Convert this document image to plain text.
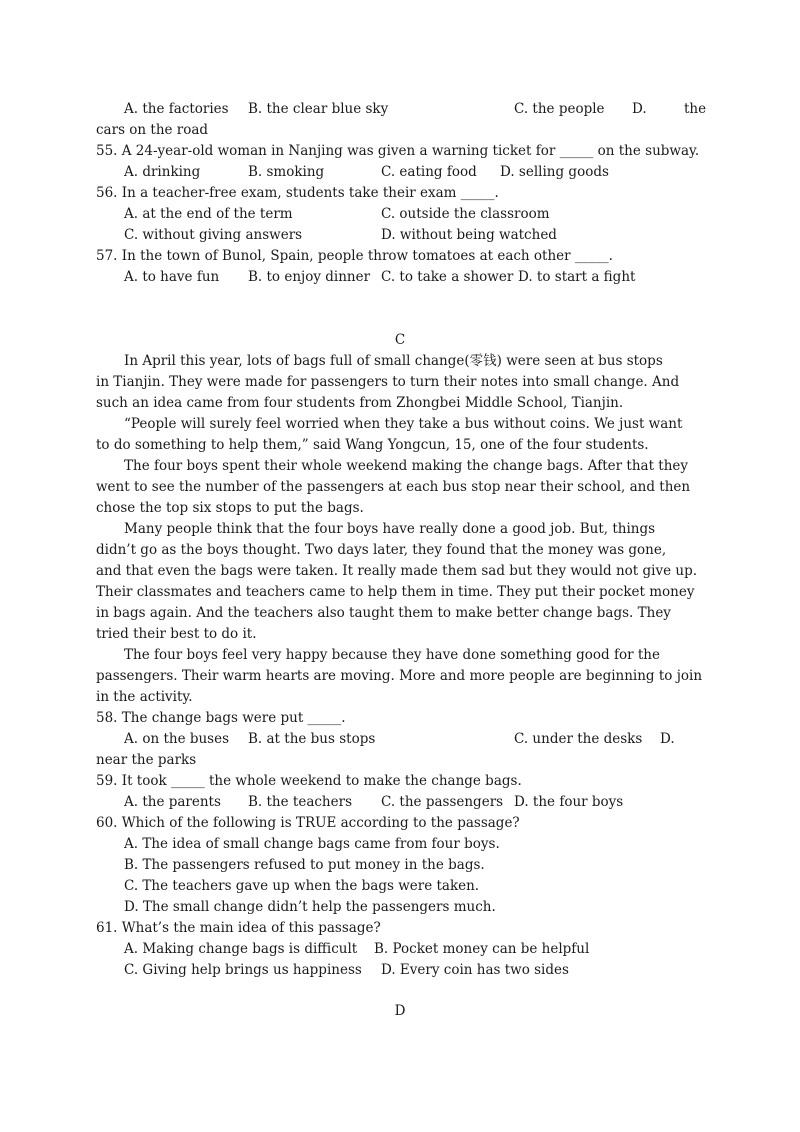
A. the factories B. the clear blue sky	C. the people D.	the
cars on the road
55. A 24-year-old woman in Nanjing was given a warning ticket for _____ on the subway.
A. drinking	B. smoking	C. eating food D. selling goods
56. In a teacher-free exam, students take their exam _____.
A. at the end of the term	C. outside the classroom
C. without giving answers	D. without being watched
57. In the town of Bunol, Spain, people throw tomatoes at each other _____.
A. to have fun B. to enjoy dinner C. to take a shower D. to start a fight
C
In April this year, lots of bags full of small change(零钱) were seen at bus stops
in Tianjin. They were made for passengers to turn their notes into small change. And
such an idea came from four students from Zhongbei Middle School, Tianjin.
“People will surely feel worried when they take a bus without coins. We just want
to do something to help them,” said Wang Yongcun, 15, one of the four students.
The four boys spent their whole weekend making the change bags. After that they
went to see the number of the passengers at each bus stop near their school, and then
chose the top six stops to put the bags.
Many people think that the four boys have really done a good job. But, things
didn’t go as the boys thought. Two days later, they found that the money was gone,
and that even the bags were taken. It really made them sad but they would not give up.
Their classmates and teachers came to help them in time. They put their pocket money
in bags again. And the teachers also taught them to make better change bags. They
tried their best to do it.
The four boys feel very happy because they have done something good for the
passengers. Their warm hearts are moving. More and more people are beginning to join
in the activity.
58. The change bags were put _____.
A. on the buses B. at the bus stops	C. under the desks D.
near the parks
59. It took _____ the whole weekend to make the change bags.
A. the parents B. the teachers C. the passengers D. the four boys
60. Which of the following is TRUE according to the passage?
A. The idea of small change bags came from four boys.
B. The passengers refused to put money in the bags.
C. The teachers gave up when the bags were taken.
D. The small change didn’t help the passengers much.
61. What’s the main idea of this passage?
A. Making change bags is difficult B. Pocket money can be helpful
C. Giving help brings us happiness D. Every coin has two sides
D
